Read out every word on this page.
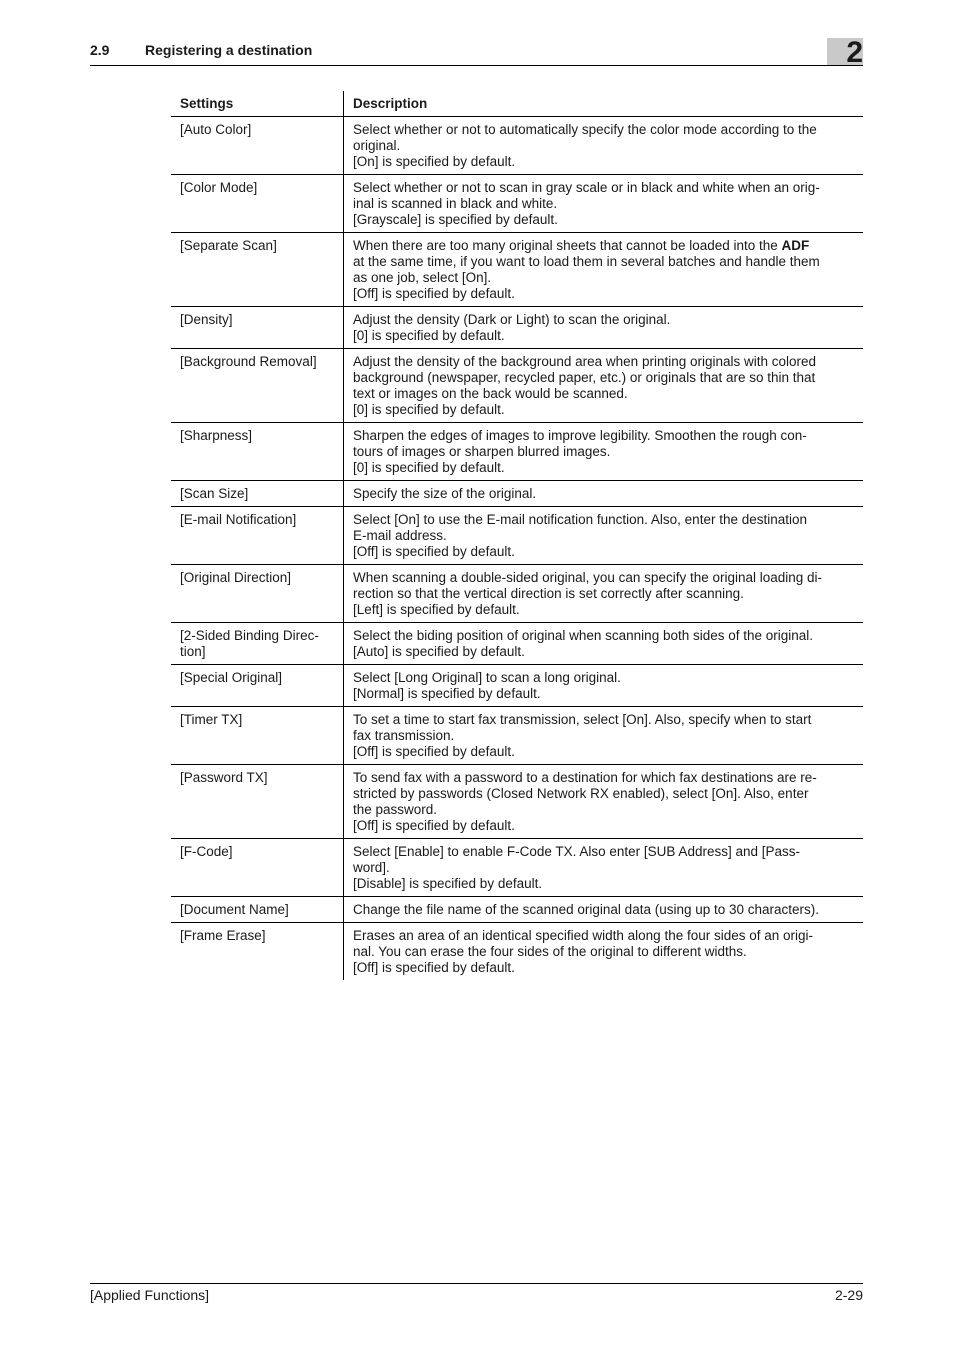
2.9	Registering a destination	2
Settings	Description
[Auto Color]	Select whether or not to automatically specify the color mode according to the
original.
[On] is specified by default.

[Color Mode]	Select whether or not to scan in gray scale or in black and white when an orig-
inal is scanned in black and white.
[Grayscale] is specified by default.

[Separate Scan]	When there are too many original sheets that cannot be loaded into the ADF
at the same time, if you want to load them in several batches and handle them
as one job, select [On].
[Off] is specified by default.

[Density]	Adjust the density (Dark or Light) to scan the original.
[0] is specified by default.

[Background Removal]	Adjust the density of the background area when printing originals with colored
background (newspaper, recycled paper, etc.) or originals that are so thin that
text or images on the back would be scanned.
[0] is specified by default.

[Sharpness]	Sharpen the edges of images to improve legibility. Smoothen the rough con-
tours of images or sharpen blurred images.
[0] is specified by default.

[Scan Size]	Specify the size of the original.

[E-mail Notification]	Select [On] to use the E-mail notification function. Also, enter the destination
E-mail address.
[Off] is specified by default.

[Original Direction]	When scanning a double-sided original, you can specify the original loading di-
rection so that the vertical direction is set correctly after scanning.
[Left] is specified by default.

[2-Sided Binding Direc-tion]	Select the biding position of original when scanning both sides of the original.
[Auto] is specified by default.

[Special Original]	Select [Long Original] to scan a long original.
[Normal] is specified by default.

[Timer TX]	To set a time to start fax transmission, select [On]. Also, specify when to start
fax transmission.
[Off] is specified by default.

[Password TX]	To send fax with a password to a destination for which fax destinations are re-
stricted by passwords (Closed Network RX enabled), select [On]. Also, enter
the password.
[Off] is specified by default.

[F-Code]	Select [Enable] to enable F-Code TX. Also enter [SUB Address] and [Pass-
word].
[Disable] is specified by default.

[Document Name]	Change the file name of the scanned original data (using up to 30 characters).

[Frame Erase]	Erases an area of an identical specified width along the four sides of an origi-
nal. You can erase the four sides of the original to different widths.
[Off] is specified by default.
[Applied Functions]	2-29
